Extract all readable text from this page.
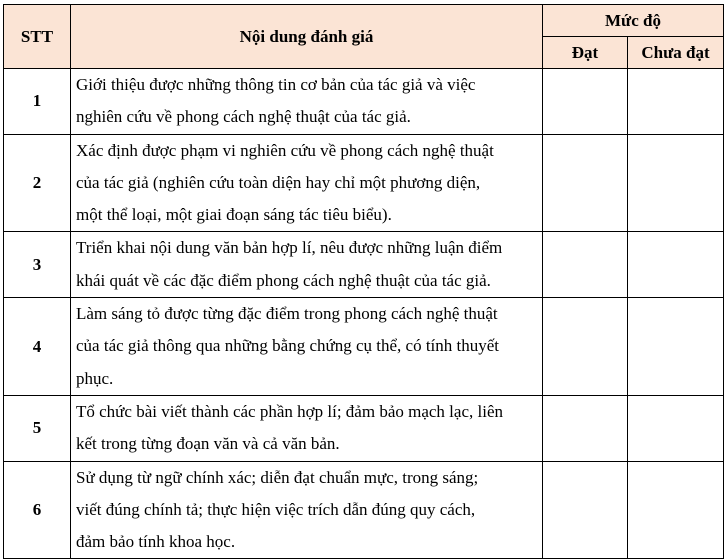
STT	Nội dung đánh giá	Mức độ	
		Đạt	Chưa đạt
1	Giới thiệu được những thông tin cơ bản của tác giả và việc
nghiên cứu về phong cách nghệ thuật của tác giả.		

2	Xác định được phạm vi nghiên cứu về phong cách nghệ thuật
của tác giả (nghiên cứu toàn diện hay chỉ một phương diện,
một thể loại, một giai đoạn sáng tác tiêu biểu).		

3	Triển khai nội dung văn bản hợp lí, nêu được những luận điểm
khái quát về các đặc điểm phong cách nghệ thuật của tác giả.		

4	Làm sáng tỏ được từng đặc điểm trong phong cách nghệ thuật
của tác giả thông qua những bằng chứng cụ thể, có tính thuyết
phục.		

5	Tổ chức bài viết thành các phần hợp lí; đảm bảo mạch lạc, liên
kết trong từng đoạn văn và cả văn bản.		

6	Sử dụng từ ngữ chính xác; diễn đạt chuẩn mực, trong sáng;
viết đúng chính tả; thực hiện việc trích dẫn đúng quy cách,
đảm bảo tính khoa học.		
